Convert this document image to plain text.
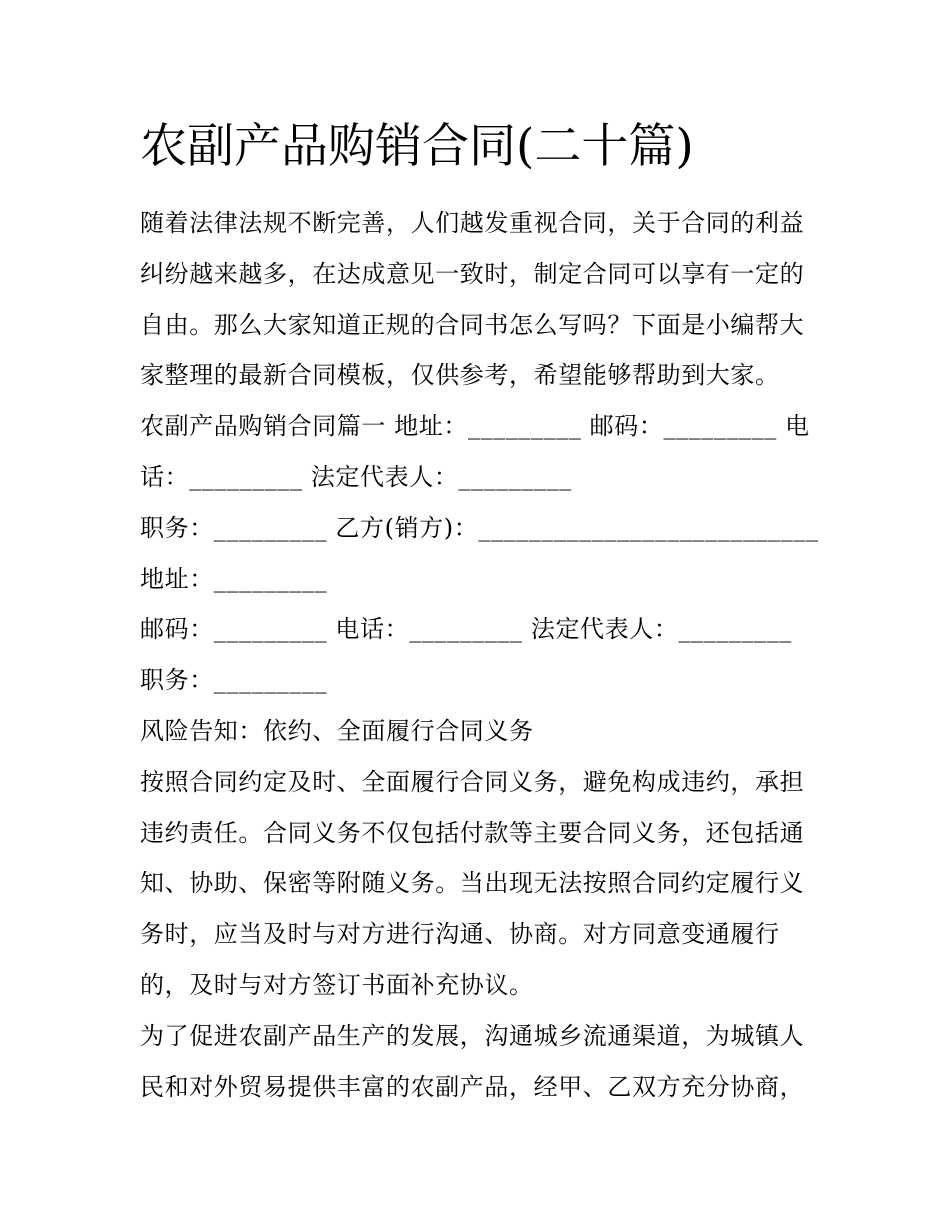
农副产品购销合同(二十篇)
随着法律法规不断完善，人们越发重视合同，关于合同的利益
纠纷越来越多，在达成意见一致时，制定合同可以享有一定的
自由。那么大家知道正规的合同书怎么写吗？下面是小编帮大
家整理的最新合同模板，仅供参考，希望能够帮助到大家。
农副产品购销合同篇一 地址：_________ 邮码：_________ 电
话：_________ 法定代表人：_________
职务：_________ 乙方(销方)：___________________________
地址：_________
邮码：_________ 电话：_________ 法定代表人：_________
职务：_________
风险告知：依约、全面履行合同义务
按照合同约定及时、全面履行合同义务，避免构成违约，承担
违约责任。合同义务不仅包括付款等主要合同义务，还包括通
知、协助、保密等附随义务。当出现无法按照合同约定履行义
务时，应当及时与对方进行沟通、协商。对方同意变通履行
的，及时与对方签订书面补充协议。
为了促进农副产品生产的发展，沟通城乡流通渠道，为城镇人
民和对外贸易提供丰富的农副产品，经甲、乙双方充分协商，
